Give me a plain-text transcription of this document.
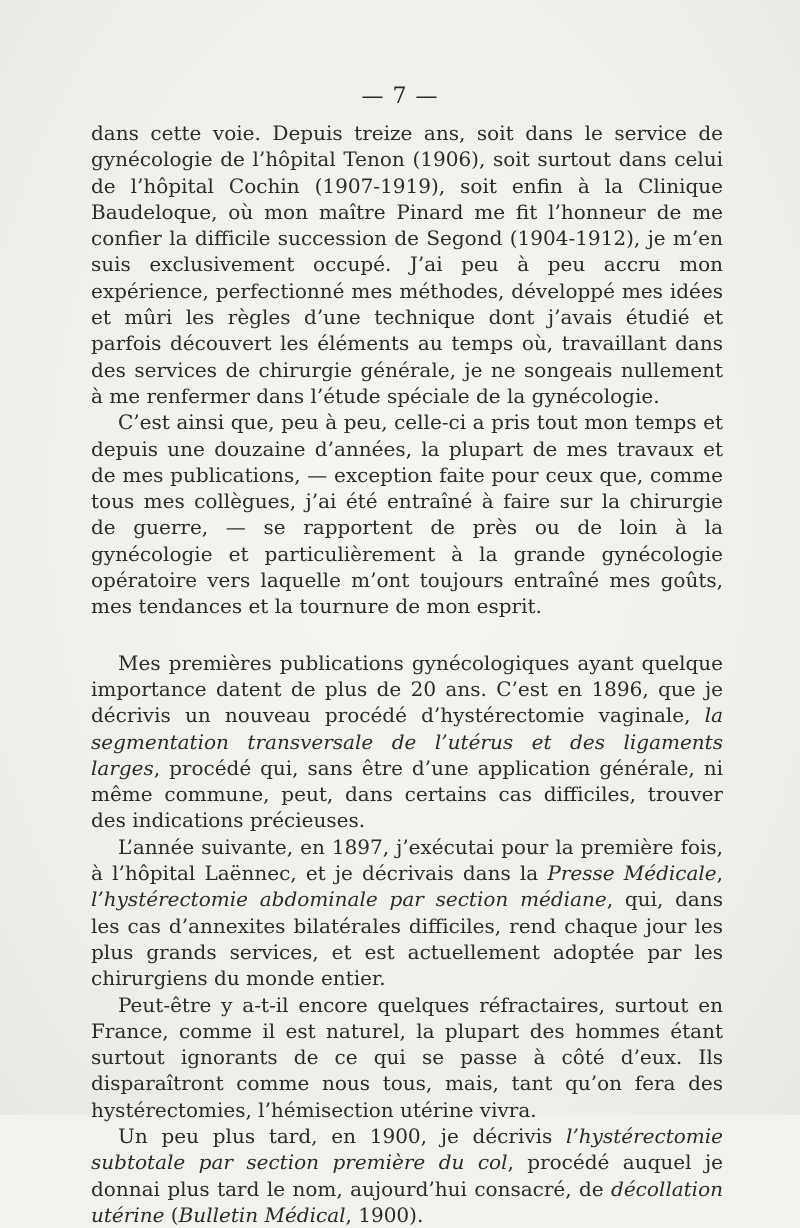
— 7 —

dans cette voie. Depuis treize ans, soit dans le service de gynécologie de l’hôpital Tenon (1906), soit surtout dans celui de l’hôpital Cochin (1907-1919), soit enfin à la Clinique Baudeloque, où mon maître Pinard me fit l’honneur de me confier la difficile succession de Segond (1904-1912), je m’en suis exclusivement occupé. J’ai peu à peu accru mon expérience, perfectionné mes méthodes, développé mes idées et mûri les règles d’une technique dont j’avais étudié et parfois découvert les éléments au temps où, travaillant dans des services de chirurgie générale, je ne songeais nullement à me renfermer dans l’étude spéciale de la gynécologie.

C’est ainsi que, peu à peu, celle-ci a pris tout mon temps et depuis une douzaine d’années, la plupart de mes travaux et de mes publications, — exception faite pour ceux que, comme tous mes collègues, j’ai été entraîné à faire sur la chirurgie de guerre, — se rapportent de près ou de loin à la gynécologie et particulièrement à la grande gynécologie opératoire vers laquelle m’ont toujours entraîné mes goûts, mes tendances et la tournure de mon esprit.

Mes premières publications gynécologiques ayant quelque importance datent de plus de 20 ans. C’est en 1896, que je décrivis un nouveau procédé d’hystérectomie vaginale, la segmentation transversale de l’utérus et des ligaments larges, procédé qui, sans être d’une application générale, ni même commune, peut, dans certains cas difficiles, trouver des indications précieuses.

L’année suivante, en 1897, j’exécutai pour la première fois, à l’hôpital Laënnec, et je décrivais dans la Presse Médicale, l’hystérectomie abdominale par section médiane, qui, dans les cas d’annexites bilatérales difficiles, rend chaque jour les plus grands services, et est actuellement adoptée par les chirurgiens du monde entier.

Peut-être y a-t-il encore quelques réfractaires, surtout en France, comme il est naturel, la plupart des hommes étant surtout ignorants de ce qui se passe à côté d’eux. Ils disparaîtront comme nous tous, mais, tant qu’on fera des hystérectomies, l’hémisection utérine vivra.

Un peu plus tard, en 1900, je décrivis l’hystérectomie subtotale par section première du col, procédé auquel je donnai plus tard le nom, aujourd’hui consacré, de décollation utérine (Bulletin Médical, 1900).
